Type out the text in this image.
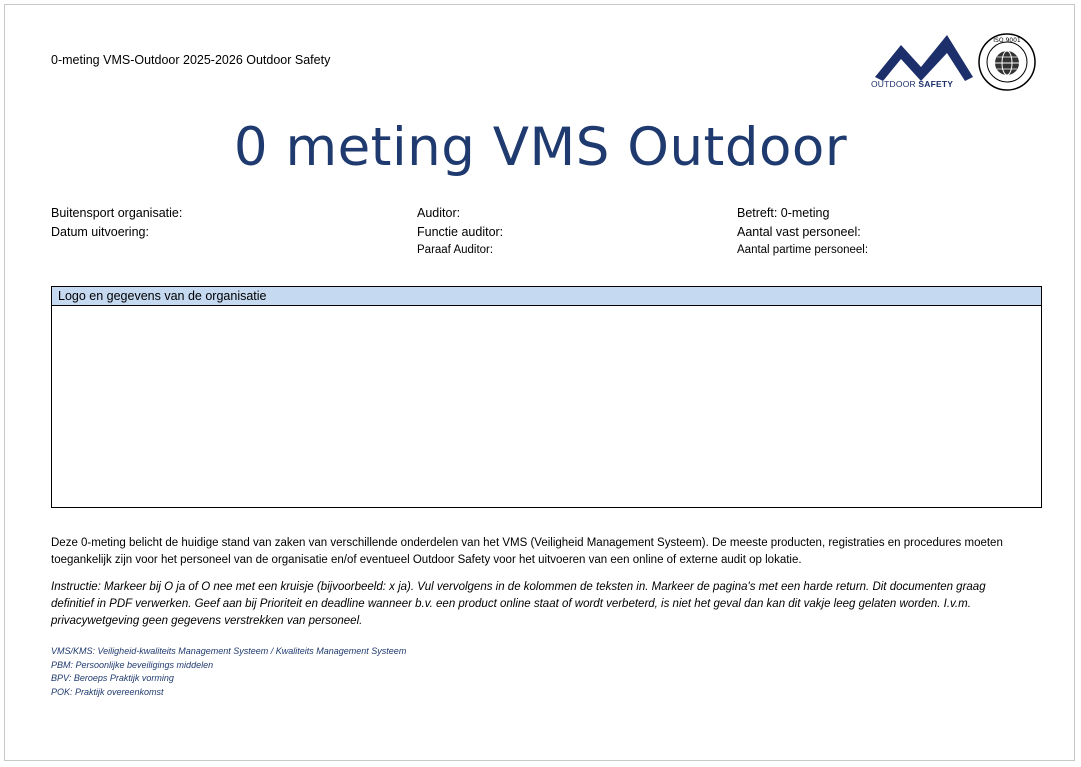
0-meting VMS-Outdoor 2025-2026 Outdoor Safety
OUTDOOR SAFETY
ISO 9001
0 meting VMS Outdoor
Buitensport organisatie:
Datum uitvoering:
Auditor:
Functie auditor:
Paraaf Auditor:
Betreft: 0-meting
Aantal vast personeel:
Aantal partime personeel:
Logo en gegevens van de organisatie
Deze 0-meting belicht de huidige stand van zaken van verschillende onderdelen van het VMS (Veiligheid Management Systeem). De meeste producten, registraties en procedures moeten toegankelijk zijn voor het personeel van de organisatie en/of eventueel Outdoor Safety voor het uitvoeren van een online of externe audit op lokatie.
Instructie: Markeer bij O ja of O nee met een kruisje (bijvoorbeeld: x ja). Vul vervolgens in de kolommen de teksten in. Markeer de pagina's met een harde return. Dit documenten graag definitief in PDF verwerken. Geef aan bij Prioriteit en deadline wanneer b.v. een product online staat of wordt verbeterd, is niet het geval dan kan dit vakje leeg gelaten worden. I.v.m. privacywetgeving geen gegevens verstrekken van personeel.
VMS/KMS: Veiligheid-kwaliteits Management Systeem / Kwaliteits Management Systeem
PBM: Persoonlijke beveiligings middelen
BPV: Beroeps Praktijk vorming
POK: Praktijk overeenkomst
